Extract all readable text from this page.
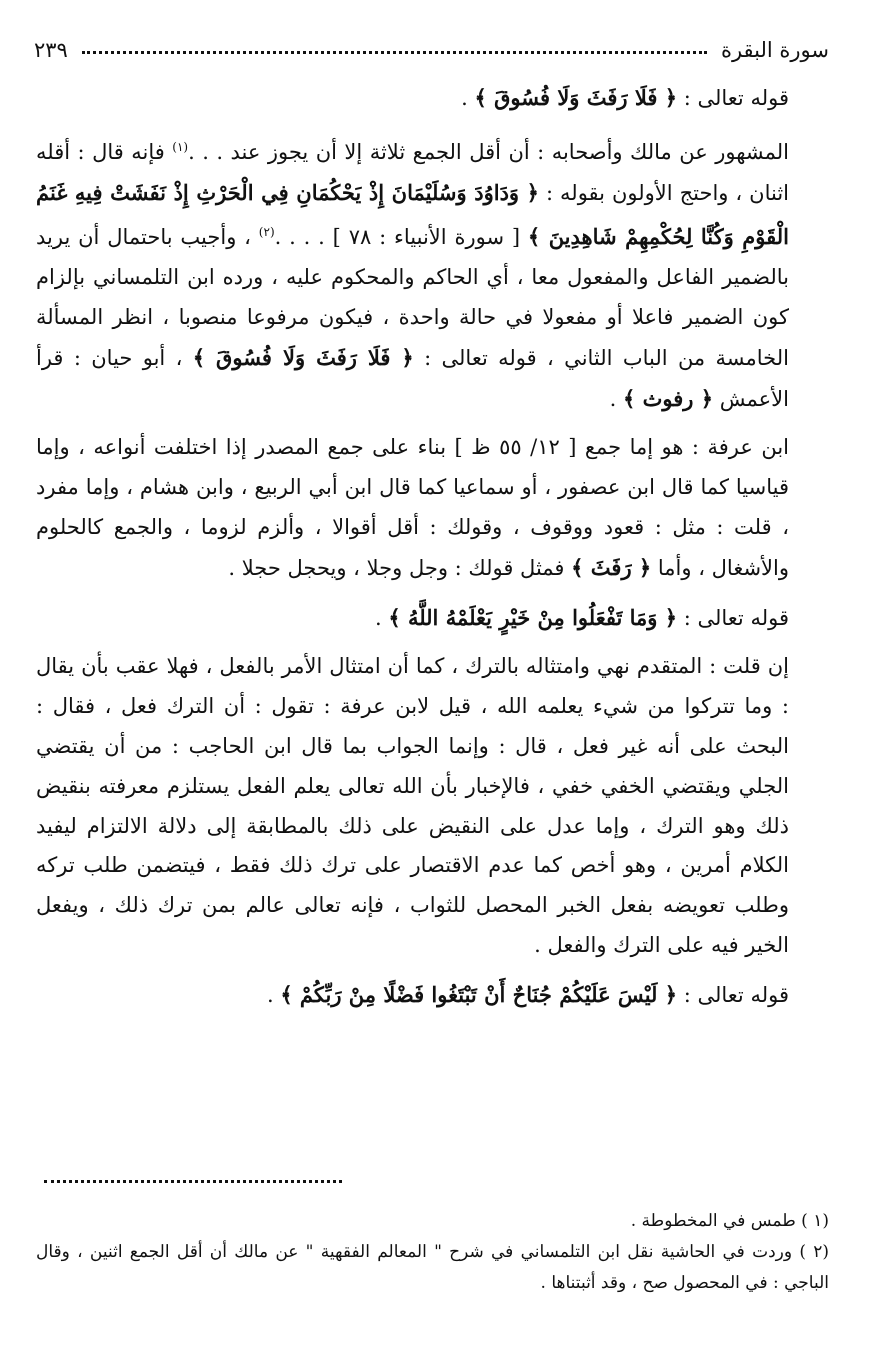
سورة البقرة
٢٣٩

قوله تعالى : ﴿ فَلَا رَفَثَ وَلَا فُسُوقَ ﴾ .

المشهور عن مالك وأصحابه : أن أقل الجمع ثلاثة إلا أن يجوز عند . . .$^{(١)}$ فإنه قال : أقله اثنان ، واحتج الأولون بقوله : ﴿ وَدَاوُدَ وَسُلَيْمَانَ إِذْ يَحْكُمَانِ فِي الْحَرْثِ إِذْ نَفَشَتْ فِيهِ غَنَمُ الْقَوْمِ وَكُنَّا لِحُكْمِهِمْ شَاهِدِينَ ﴾ [ سورة الأنبياء : ٧٨ ] . . . .$^{(٢)}$ ، وأجيب باحتمال أن يريد بالضمير الفاعل والمفعول معا ، أي الحاكم والمحكوم عليه ، ورده ابن التلمساني بإلزام كون الضمير فاعلا أو مفعولا في حالة واحدة ، فيكون مرفوعا منصوبا ، انظر المسألة الخامسة من الباب الثاني ، قوله تعالى : ﴿ فَلَا رَفَثَ وَلَا فُسُوقَ ﴾ ، أبو حيان : قرأ الأعمش ﴿ رفوث ﴾ .

ابن عرفة : هو إما جمع [ ١٢/ ٥٥ ظ ] بناء على جمع المصدر إذا اختلفت أنواعه ، وإما قياسيا كما قال ابن عصفور ، أو سماعيا كما قال ابن أبي الربيع ، وابن هشام ، وإما مفرد ، قلت : مثل : قعود ووقوف ، وقولك : أقل أقوالا ، وألزم لزوما ، والجمع كالحلوم والأشغال ، وأما ﴿ رَفَثَ ﴾ فمثل قولك : وجل وجلا ، ويحجل حجلا .

قوله تعالى : ﴿ وَمَا تَفْعَلُوا مِنْ خَيْرٍ يَعْلَمْهُ اللَّهُ ﴾ .

إن قلت : المتقدم نهي وامتثاله بالترك ، كما أن امتثال الأمر بالفعل ، فهلا عقب بأن يقال : وما تتركوا من شيء يعلمه الله ، قيل لابن عرفة : تقول : أن الترك فعل ، فقال : البحث على أنه غير فعل ، قال : وإنما الجواب بما قال ابن الحاجب : من أن يقتضي الجلي ويقتضي الخفي خفي ، فالإخبار بأن الله تعالى يعلم الفعل يستلزم معرفته بنقيض ذلك وهو الترك ، وإما عدل على النقيض على ذلك بالمطابقة إلى دلالة الالتزام ليفيد الكلام أمرين ، وهو أخص كما عدم الاقتصار على ترك ذلك فقط ، فيتضمن طلب تركه وطلب تعويضه بفعل الخبر المحصل للثواب ، فإنه تعالى عالم بمن ترك ذلك ، ويفعل الخير فيه على الترك والفعل .

قوله تعالى : ﴿ لَيْسَ عَلَيْكُمْ جُنَاحٌ أَنْ تَبْتَغُوا فَضْلًا مِنْ رَبِّكُمْ ﴾ .

(١ ) طمس في المخطوطة .

(٢ ) وردت في الحاشية نقل ابن التلمساني في شرح " المعالم الفقهية " عن مالك أن أقل الجمع اثنين ، وقال الباجي : في المحصول صح ، وقد أثبتناها .
